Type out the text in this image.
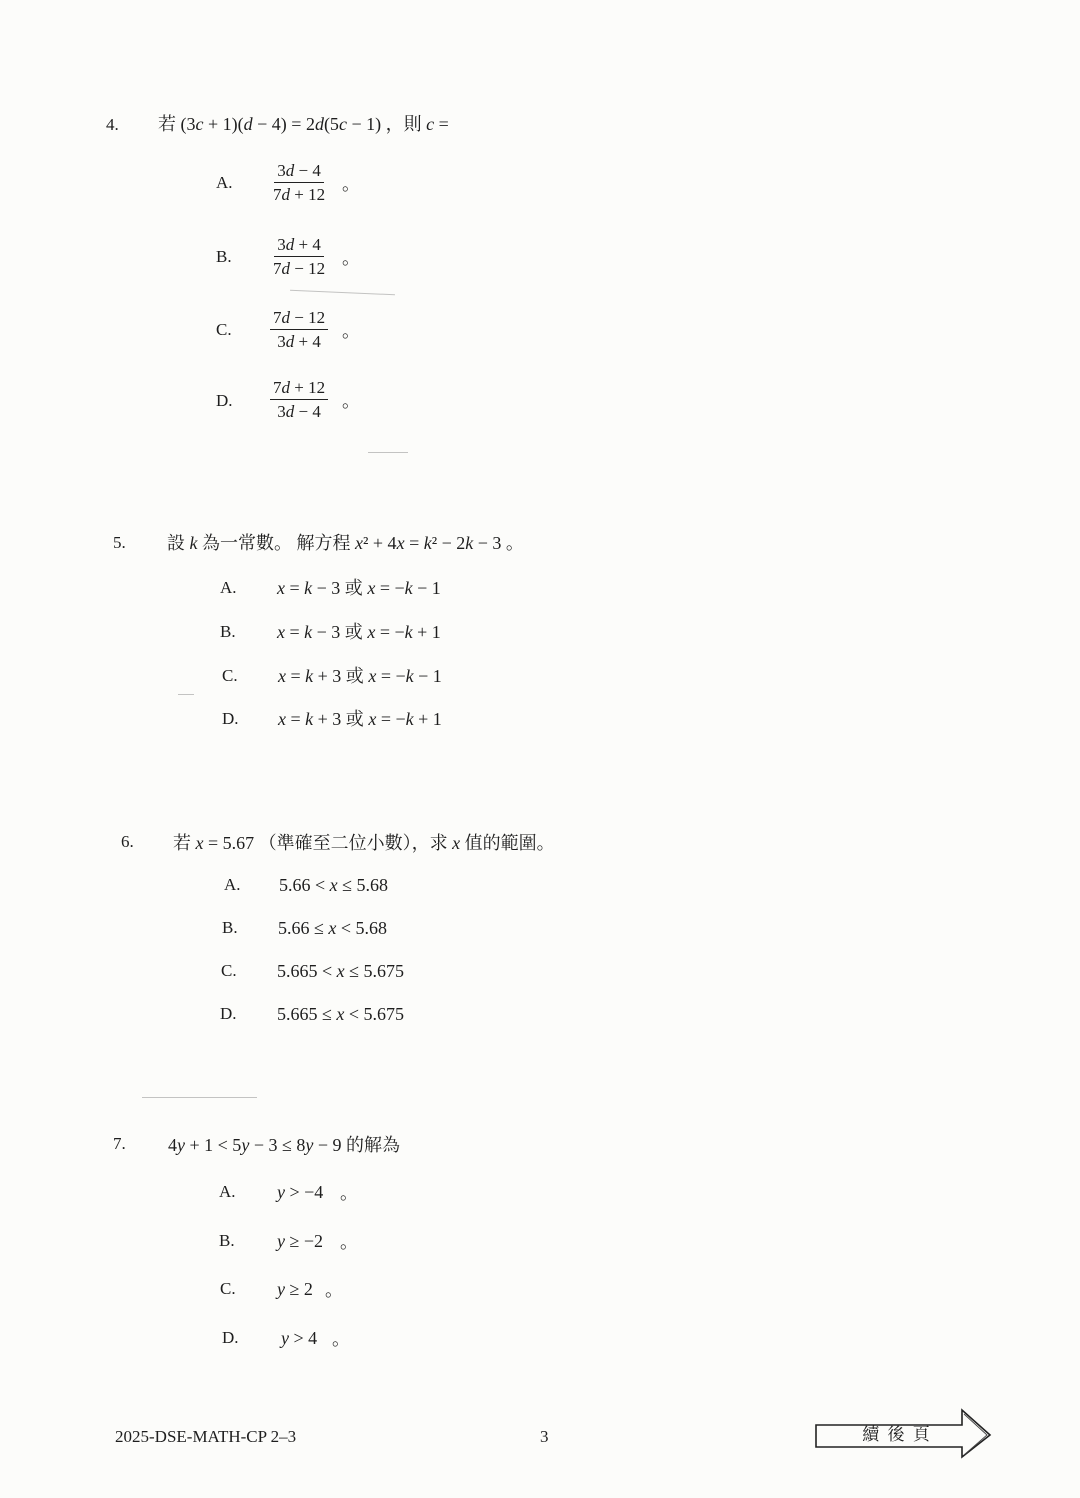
4. 若 (3c + 1)(d − 4) = 2d(5c − 1) ，則 c =
A. $\frac{3d - 4}{7d + 12}$ 。
B. $\frac{3d + 4}{7d - 12}$ 。
C. $\frac{7d - 12}{3d + 4}$ 。
D. $\frac{7d + 12}{3d - 4}$ 。
5. 設 k 為一常數。 解方程 x² + 4x = k² − 2k − 3 。
A. x = k − 3 或 x = −k − 1
B. x = k − 3 或 x = −k + 1
C. x = k + 3 或 x = −k − 1
D. x = k + 3 或 x = −k + 1
6. 若 x = 5.67 （準確至二位小數），求 x 值的範圍。
A. 5.66 < x ≤ 5.68
B. 5.66 ≤ x < 5.68
C. 5.665 < x ≤ 5.675
D. 5.665 ≤ x < 5.675
7. 4y + 1 < 5y − 3 ≤ 8y − 9 的解為
A. y > −4 。
B. y ≥ −2 。
C. y ≥ 2 。
D. y > 4 。
2025-DSE-MATH-CP 2–3	3	續 後 頁
